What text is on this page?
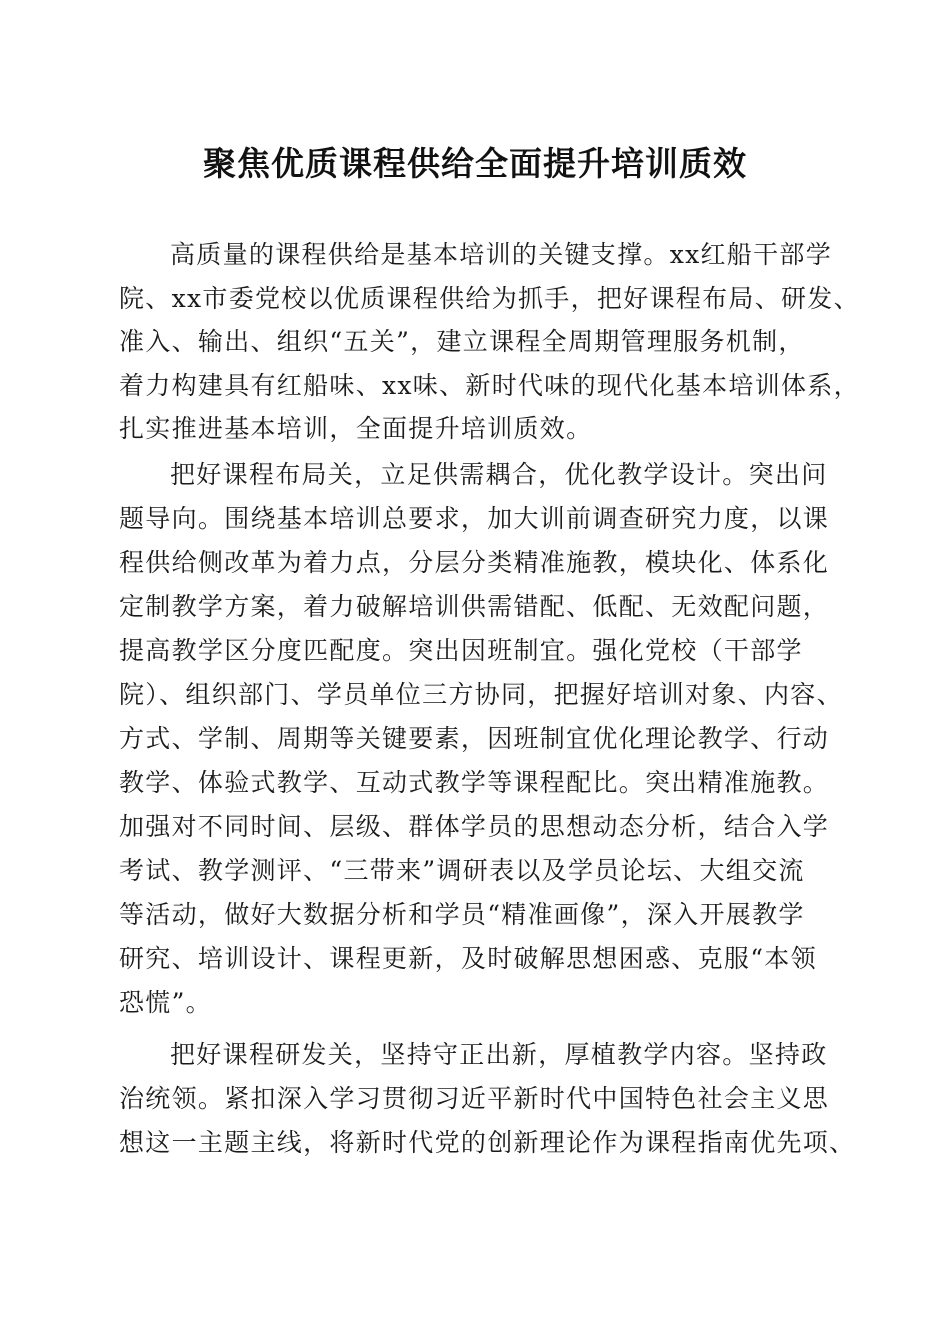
聚焦优质课程供给全面提升培训质效

高质量的课程供给是基本培训的关键支撑。xx红船干部学

院、xx市委党校以优质课程供给为抓手，把好课程布局、研发、

准入、输出、组织“五关”，建立课程全周期管理服务机制，

着力构建具有红船味、xx味、新时代味的现代化基本培训体系，

扎实推进基本培训，全面提升培训质效。

把好课程布局关，立足供需耦合，优化教学设计。突出问

题导向。围绕基本培训总要求，加大训前调查研究力度，以课

程供给侧改革为着力点，分层分类精准施教，模块化、体系化

定制教学方案，着力破解培训供需错配、低配、无效配问题，

提高教学区分度匹配度。突出因班制宜。强化党校（干部学

院）、组织部门、学员单位三方协同，把握好培训对象、内容、

方式、学制、周期等关键要素，因班制宜优化理论教学、行动

教学、体验式教学、互动式教学等课程配比。突出精准施教。

加强对不同时间、层级、群体学员的思想动态分析，结合入学

考试、教学测评、“三带来”调研表以及学员论坛、大组交流

等活动，做好大数据分析和学员“精准画像”，深入开展教学

研究、培训设计、课程更新，及时破解思想困惑、克服“本领

恐慌”。

把好课程研发关，坚持守正出新，厚植教学内容。坚持政

治统领。紧扣深入学习贯彻习近平新时代中国特色社会主义思

想这一主题主线，将新时代党的创新理论作为课程指南优先项、
